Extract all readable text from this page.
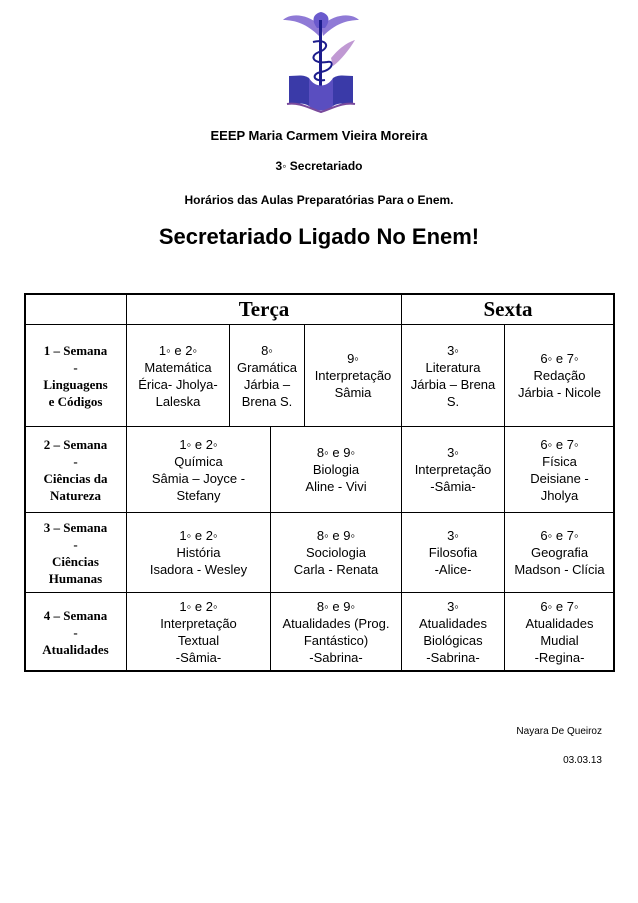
EEEP Maria Carmem Vieira Moreira
3◦ Secretariado
Horários das Aulas Preparatórias Para o Enem.
Secretariado Ligado No Enem!
Terça	Sexta
1 – Semana
-
Linguagens
e Códigos
1◦ e 2◦
Matemática
Érica- Jholya-
Laleska
8◦
Gramática
Járbia –
Brena S.
9◦
Interpretação
Sâmia
3◦
Literatura
Járbia – Brena
S.
6◦ e 7◦
Redação
Járbia - Nicole
2 – Semana
-
Ciências da
Natureza
1◦ e 2◦
Química
Sâmia – Joyce -
Stefany
8◦ e 9◦
Biologia
Aline - Vivi
3◦
Interpretação
-Sâmia-
6◦ e 7◦
Física
Deisiane -
Jholya
3 – Semana
-
Ciências
Humanas
1◦ e 2◦
História
Isadora - Wesley
8◦ e 9◦
Sociologia
Carla - Renata
3◦
Filosofia
-Alice-
6◦ e 7◦
Geografia
Madson - Clícia
4 – Semana
-
Atualidades
1◦ e 2◦
Interpretação
Textual
-Sâmia-
8◦ e 9◦
Atualidades (Prog.
Fantástico)
-Sabrina-
3◦
Atualidades
Biológicas
-Sabrina-
6◦ e 7◦
Atualidades
Mudial
-Regina-
Nayara De Queiroz
03.03.13
